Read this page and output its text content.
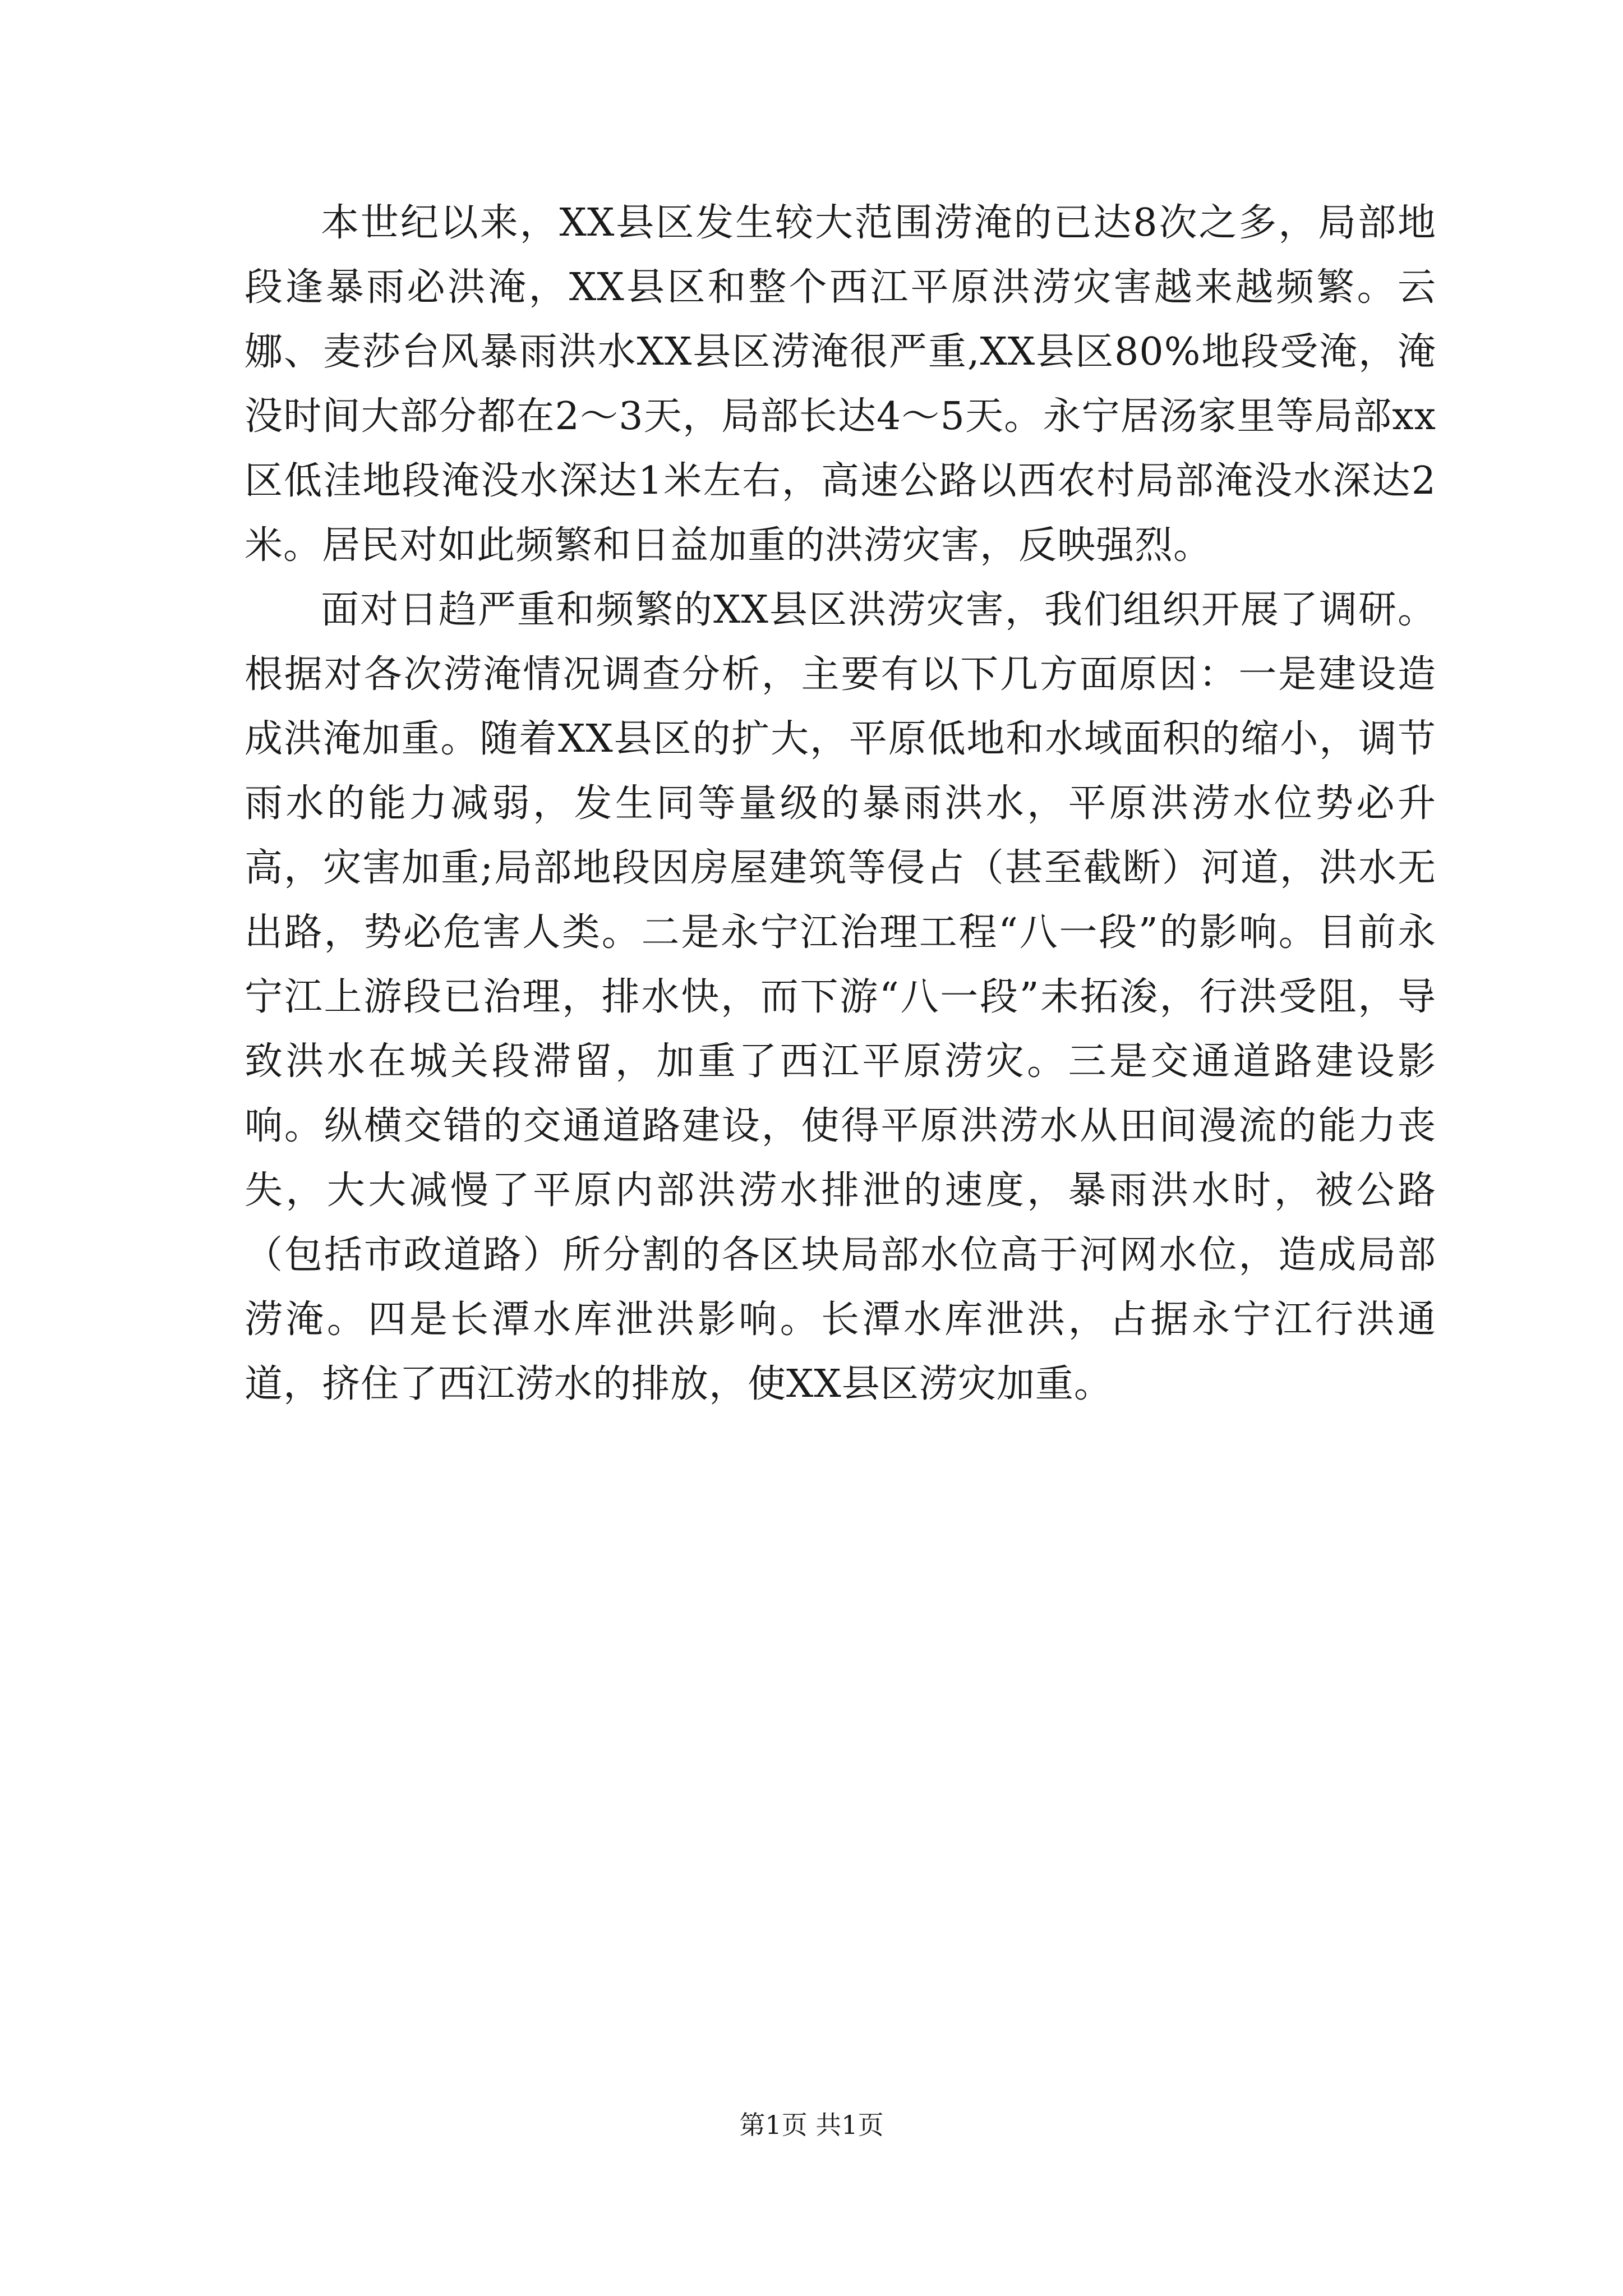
本世纪以来，XX县区发生较大范围涝淹的已达8次之多，局部地段逢暴雨必洪淹，XX县区和整个西江平原洪涝灾害越来越频繁。云娜、麦莎台风暴雨洪水XX县区涝淹很严重,XX县区80%地段受淹，淹没时间大部分都在2～3天，局部长达4～5天。永宁居汤家里等局部xx区低洼地段淹没水深达1米左右，高速公路以西农村局部淹没水深达2米。居民对如此频繁和日益加重的洪涝灾害，反映强烈。

面对日趋严重和频繁的XX县区洪涝灾害，我们组织开展了调研。根据对各次涝淹情况调查分析，主要有以下几方面原因：一是建设造成洪淹加重。随着XX县区的扩大，平原低地和水域面积的缩小，调节雨水的能力减弱，发生同等量级的暴雨洪水，平原洪涝水位势必升高，灾害加重;局部地段因房屋建筑等侵占（甚至截断）河道，洪水无出路，势必危害人类。二是永宁江治理工程“八一段”的影响。目前永宁江上游段已治理，排水快，而下游“八一段”未拓浚，行洪受阻，导致洪水在城关段滞留，加重了西江平原涝灾。三是交通道路建设影响。纵横交错的交通道路建设，使得平原洪涝水从田间漫流的能力丧失，大大减慢了平原内部洪涝水排泄的速度，暴雨洪水时，被公路（包括市政道路）所分割的各区块局部水位高于河网水位，造成局部涝淹。四是长潭水库泄洪影响。长潭水库泄洪，占据永宁江行洪通道，挤住了西江涝水的排放，使XX县区涝灾加重。

第1页 共1页
